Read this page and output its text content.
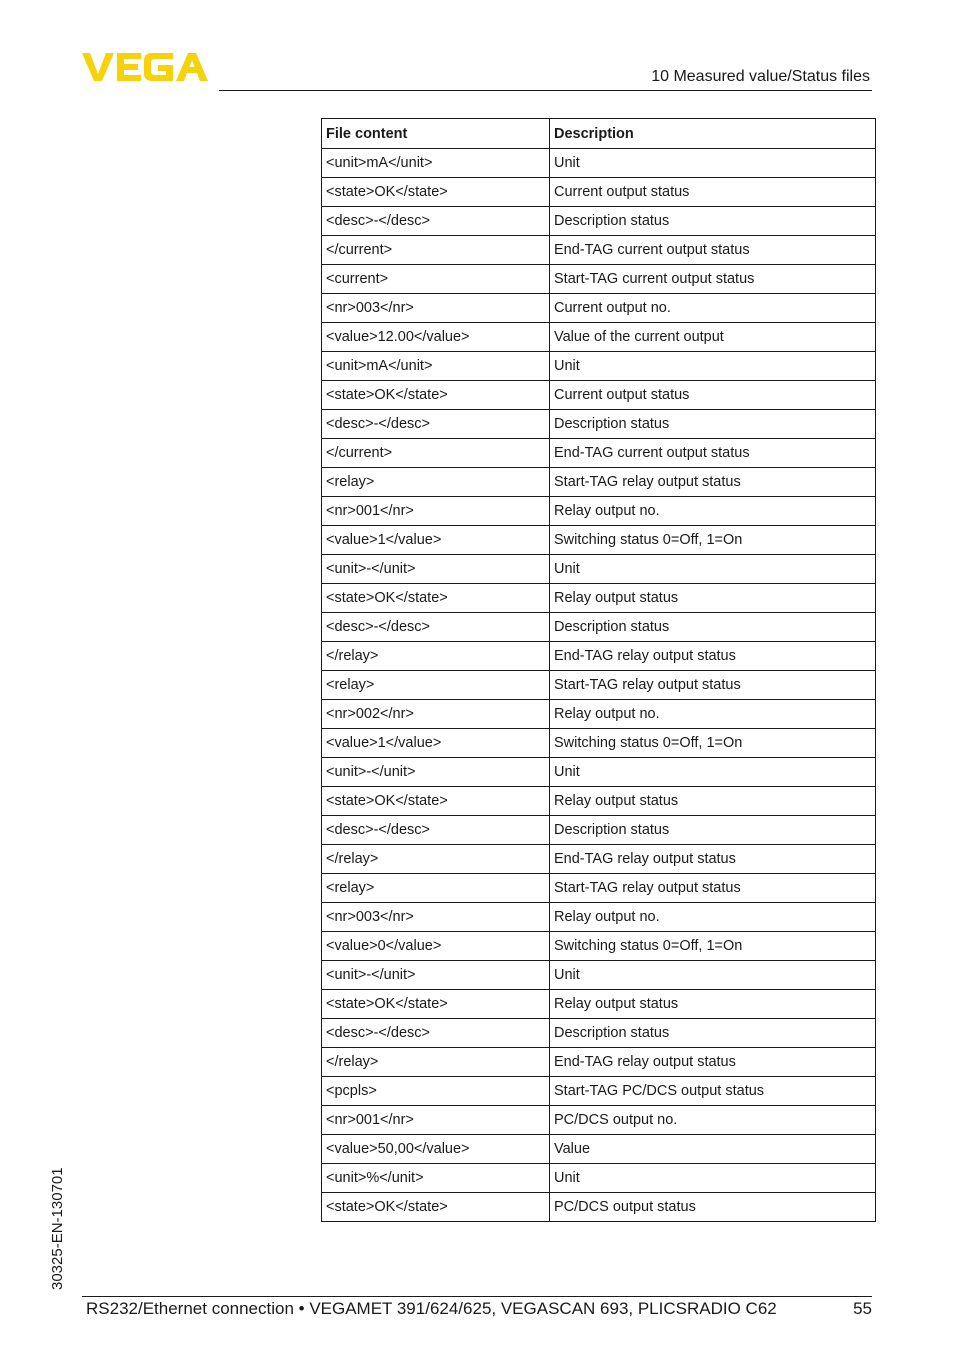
10 Measured value/Status files
File content	Description
<unit>mA</unit>	Unit
<state>OK</state>	Current output status
<desc>-</desc>	Description status
</current>	End-TAG current output status
<current>	Start-TAG current output status
<nr>003</nr>	Current output no.
<value>12.00</value>	Value of the current output
<unit>mA</unit>	Unit
<state>OK</state>	Current output status
<desc>-</desc>	Description status
</current>	End-TAG current output status
<relay>	Start-TAG relay output status
<nr>001</nr>	Relay output no.
<value>1</value>	Switching status 0=Off, 1=On
<unit>-</unit>	Unit
<state>OK</state>	Relay output status
<desc>-</desc>	Description status
</relay>	End-TAG relay output status
<relay>	Start-TAG relay output status
<nr>002</nr>	Relay output no.
<value>1</value>	Switching status 0=Off, 1=On
<unit>-</unit>	Unit
<state>OK</state>	Relay output status
<desc>-</desc>	Description status
</relay>	End-TAG relay output status
<relay>	Start-TAG relay output status
<nr>003</nr>	Relay output no.
<value>0</value>	Switching status 0=Off, 1=On
<unit>-</unit>	Unit
<state>OK</state>	Relay output status
<desc>-</desc>	Description status
</relay>	End-TAG relay output status
<pcpls>	Start-TAG PC/DCS output status
<nr>001</nr>	PC/DCS output no.
<value>50,00</value>	Value
<unit>%</unit>	Unit
<state>OK</state>	PC/DCS output status
30325-EN-130701
RS232/Ethernet connection • VEGAMET 391/624/625, VEGASCAN 693, PLICSRADIO C62	55
